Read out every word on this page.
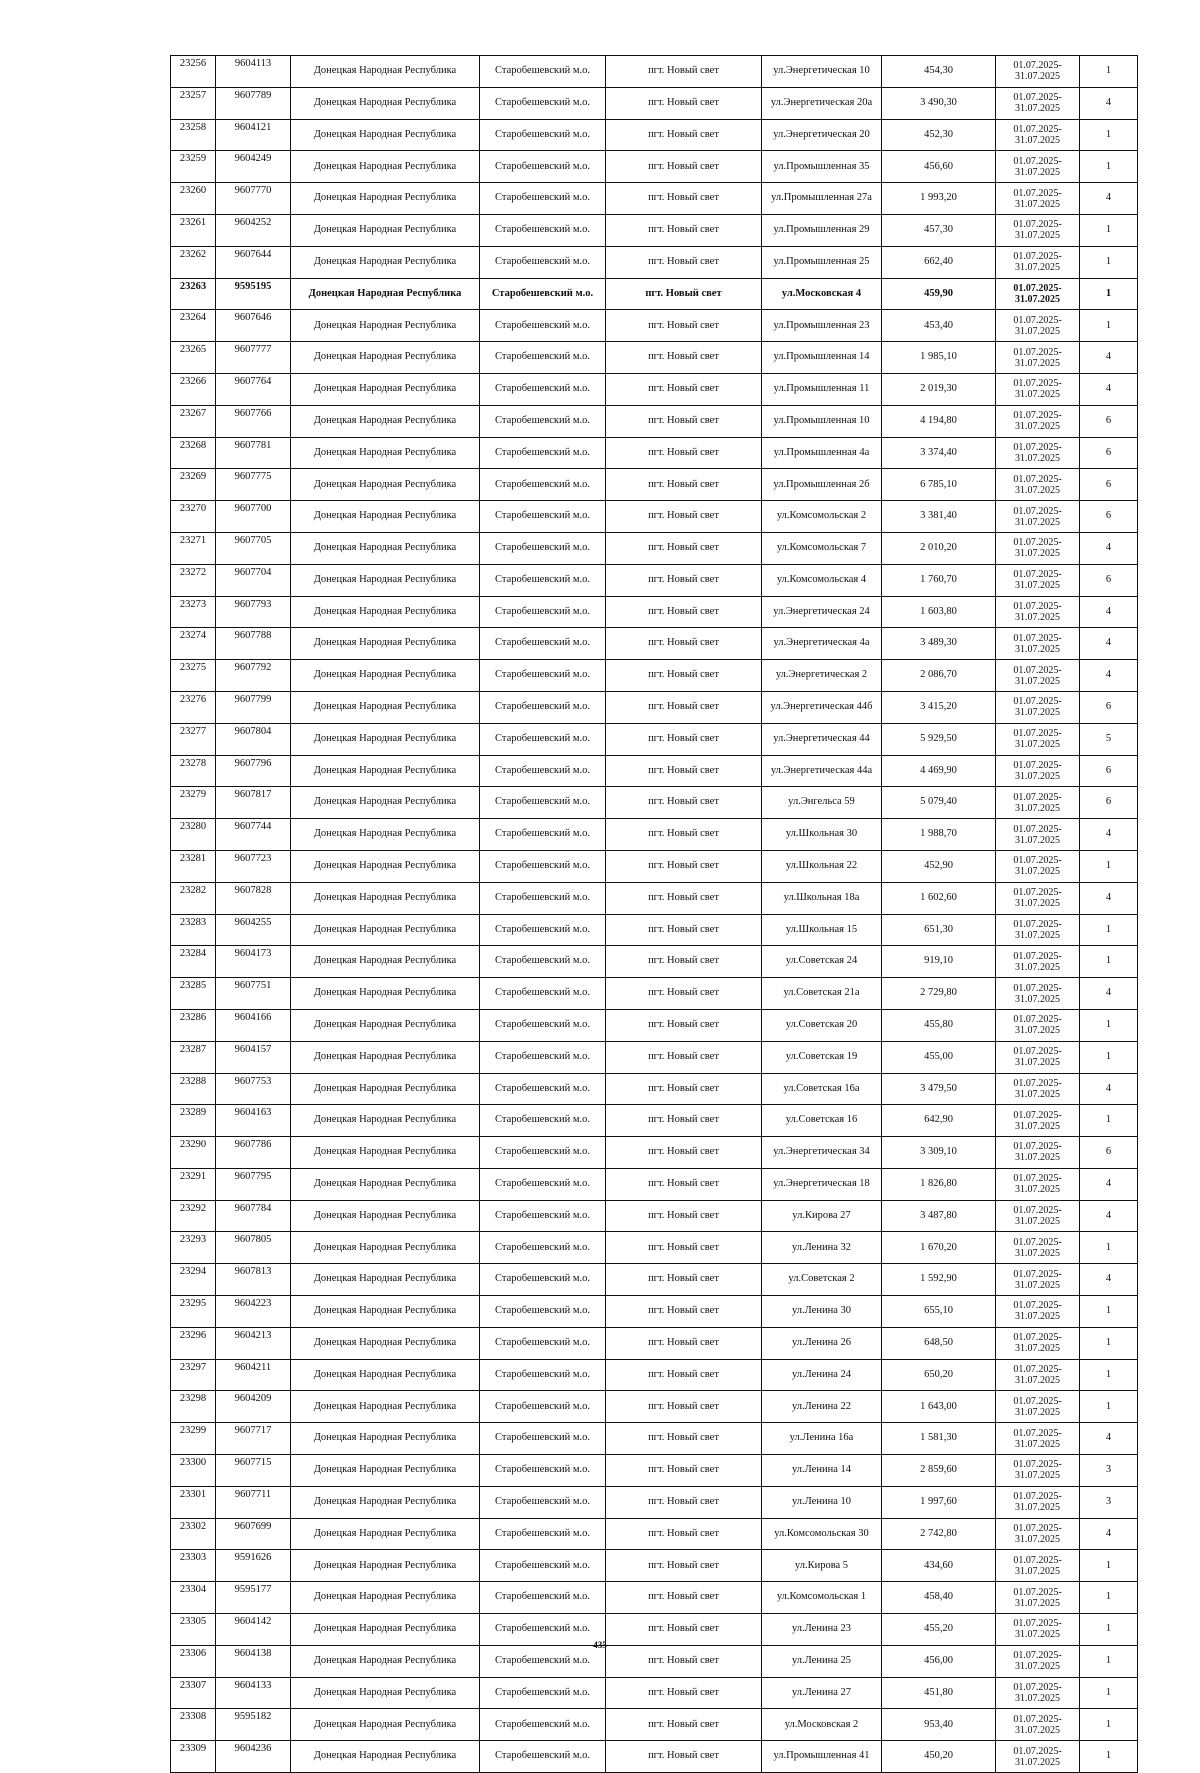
23256	9604113	Донецкая Народная Республика	Старобешевский м.о.	пгт. Новый свет	ул.Энергетическая 10	454,30	01.07.2025-31.07.2025	1
23257	9607789	Донецкая Народная Республика	Старобешевский м.о.	пгт. Новый свет	ул.Энергетическая 20а	3 490,30	01.07.2025-31.07.2025	4
23258	9604121	Донецкая Народная Республика	Старобешевский м.о.	пгт. Новый свет	ул.Энергетическая 20	452,30	01.07.2025-31.07.2025	1
23259	9604249	Донецкая Народная Республика	Старобешевский м.о.	пгт. Новый свет	ул.Промышленная 35	456,60	01.07.2025-31.07.2025	1
23260	9607770	Донецкая Народная Республика	Старобешевский м.о.	пгт. Новый свет	ул.Промышленная 27а	1 993,20	01.07.2025-31.07.2025	4
23261	9604252	Донецкая Народная Республика	Старобешевский м.о.	пгт. Новый свет	ул.Промышленная 29	457,30	01.07.2025-31.07.2025	1
23262	9607644	Донецкая Народная Республика	Старобешевский м.о.	пгт. Новый свет	ул.Промышленная 25	662,40	01.07.2025-31.07.2025	1
23263	9595195	Донецкая Народная Республика	Старобешевский м.о.	пгт. Новый свет	ул.Московская 4	459,90	01.07.2025-31.07.2025	1
23264	9607646	Донецкая Народная Республика	Старобешевский м.о.	пгт. Новый свет	ул.Промышленная 23	453,40	01.07.2025-31.07.2025	1
23265	9607777	Донецкая Народная Республика	Старобешевский м.о.	пгт. Новый свет	ул.Промышленная 14	1 985,10	01.07.2025-31.07.2025	4
23266	9607764	Донецкая Народная Республика	Старобешевский м.о.	пгт. Новый свет	ул.Промышленная 11	2 019,30	01.07.2025-31.07.2025	4
23267	9607766	Донецкая Народная Республика	Старобешевский м.о.	пгт. Новый свет	ул.Промышленная 10	4 194,80	01.07.2025-31.07.2025	6
23268	9607781	Донецкая Народная Республика	Старобешевский м.о.	пгт. Новый свет	ул.Промышленная 4а	3 374,40	01.07.2025-31.07.2025	6
23269	9607775	Донецкая Народная Республика	Старобешевский м.о.	пгт. Новый свет	ул.Промышленная 2б	6 785,10	01.07.2025-31.07.2025	6
23270	9607700	Донецкая Народная Республика	Старобешевский м.о.	пгт. Новый свет	ул.Комсомольская 2	3 381,40	01.07.2025-31.07.2025	6
23271	9607705	Донецкая Народная Республика	Старобешевский м.о.	пгт. Новый свет	ул.Комсомольская 7	2 010,20	01.07.2025-31.07.2025	4
23272	9607704	Донецкая Народная Республика	Старобешевский м.о.	пгт. Новый свет	ул.Комсомольская 4	1 760,70	01.07.2025-31.07.2025	6
23273	9607793	Донецкая Народная Республика	Старобешевский м.о.	пгт. Новый свет	ул.Энергетическая 24	1 603,80	01.07.2025-31.07.2025	4
23274	9607788	Донецкая Народная Республика	Старобешевский м.о.	пгт. Новый свет	ул.Энергетическая 4а	3 489,30	01.07.2025-31.07.2025	4
23275	9607792	Донецкая Народная Республика	Старобешевский м.о.	пгт. Новый свет	ул.Энергетическая 2	2 086,70	01.07.2025-31.07.2025	4
23276	9607799	Донецкая Народная Республика	Старобешевский м.о.	пгт. Новый свет	ул.Энергетическая 44б	3 415,20	01.07.2025-31.07.2025	6
23277	9607804	Донецкая Народная Республика	Старобешевский м.о.	пгт. Новый свет	ул.Энергетическая 44	5 929,50	01.07.2025-31.07.2025	5
23278	9607796	Донецкая Народная Республика	Старобешевский м.о.	пгт. Новый свет	ул.Энергетическая 44а	4 469,90	01.07.2025-31.07.2025	6
23279	9607817	Донецкая Народная Республика	Старобешевский м.о.	пгт. Новый свет	ул.Энгельса 59	5 079,40	01.07.2025-31.07.2025	6
23280	9607744	Донецкая Народная Республика	Старобешевский м.о.	пгт. Новый свет	ул.Школьная 30	1 988,70	01.07.2025-31.07.2025	4
23281	9607723	Донецкая Народная Республика	Старобешевский м.о.	пгт. Новый свет	ул.Школьная 22	452,90	01.07.2025-31.07.2025	1
23282	9607828	Донецкая Народная Республика	Старобешевский м.о.	пгт. Новый свет	ул.Школьная 18а	1 602,60	01.07.2025-31.07.2025	4
23283	9604255	Донецкая Народная Республика	Старобешевский м.о.	пгт. Новый свет	ул.Школьная 15	651,30	01.07.2025-31.07.2025	1
23284	9604173	Донецкая Народная Республика	Старобешевский м.о.	пгт. Новый свет	ул.Советская 24	919,10	01.07.2025-31.07.2025	1
23285	9607751	Донецкая Народная Республика	Старобешевский м.о.	пгт. Новый свет	ул.Советская 21а	2 729,80	01.07.2025-31.07.2025	4
23286	9604166	Донецкая Народная Республика	Старобешевский м.о.	пгт. Новый свет	ул.Советская 20	455,80	01.07.2025-31.07.2025	1
23287	9604157	Донецкая Народная Республика	Старобешевский м.о.	пгт. Новый свет	ул.Советская 19	455,00	01.07.2025-31.07.2025	1
23288	9607753	Донецкая Народная Республика	Старобешевский м.о.	пгт. Новый свет	ул.Советская 16а	3 479,50	01.07.2025-31.07.2025	4
23289	9604163	Донецкая Народная Республика	Старобешевский м.о.	пгт. Новый свет	ул.Советская 16	642,90	01.07.2025-31.07.2025	1
23290	9607786	Донецкая Народная Республика	Старобешевский м.о.	пгт. Новый свет	ул.Энергетическая 34	3 309,10	01.07.2025-31.07.2025	6
23291	9607795	Донецкая Народная Республика	Старобешевский м.о.	пгт. Новый свет	ул.Энергетическая 18	1 826,80	01.07.2025-31.07.2025	4
23292	9607784	Донецкая Народная Республика	Старобешевский м.о.	пгт. Новый свет	ул.Кирова 27	3 487,80	01.07.2025-31.07.2025	4
23293	9607805	Донецкая Народная Республика	Старобешевский м.о.	пгт. Новый свет	ул.Ленина 32	1 670,20	01.07.2025-31.07.2025	1
23294	9607813	Донецкая Народная Республика	Старобешевский м.о.	пгт. Новый свет	ул.Советская 2	1 592,90	01.07.2025-31.07.2025	4
23295	9604223	Донецкая Народная Республика	Старобешевский м.о.	пгт. Новый свет	ул.Ленина 30	655,10	01.07.2025-31.07.2025	1
23296	9604213	Донецкая Народная Республика	Старобешевский м.о.	пгт. Новый свет	ул.Ленина 26	648,50	01.07.2025-31.07.2025	1
23297	9604211	Донецкая Народная Республика	Старобешевский м.о.	пгт. Новый свет	ул.Ленина 24	650,20	01.07.2025-31.07.2025	1
23298	9604209	Донецкая Народная Республика	Старобешевский м.о.	пгт. Новый свет	ул.Ленина 22	1 643,00	01.07.2025-31.07.2025	1
23299	9607717	Донецкая Народная Республика	Старобешевский м.о.	пгт. Новый свет	ул.Ленина 16а	1 581,30	01.07.2025-31.07.2025	4
23300	9607715	Донецкая Народная Республика	Старобешевский м.о.	пгт. Новый свет	ул.Ленина 14	2 859,60	01.07.2025-31.07.2025	3
23301	9607711	Донецкая Народная Республика	Старобешевский м.о.	пгт. Новый свет	ул.Ленина 10	1 997,60	01.07.2025-31.07.2025	3
23302	9607699	Донецкая Народная Республика	Старобешевский м.о.	пгт. Новый свет	ул.Комсомольская 30	2 742,80	01.07.2025-31.07.2025	4
23303	9591626	Донецкая Народная Республика	Старобешевский м.о.	пгт. Новый свет	ул.Кирова 5	434,60	01.07.2025-31.07.2025	1
23304	9595177	Донецкая Народная Республика	Старобешевский м.о.	пгт. Новый свет	ул.Комсомольская 1	458,40	01.07.2025-31.07.2025	1
23305	9604142	Донецкая Народная Республика	Старобешевский м.о.	пгт. Новый свет	ул.Ленина 23	455,20	01.07.2025-31.07.2025	1
23306	9604138	Донецкая Народная Республика	Старобешевский м.о.	пгт. Новый свет	ул.Ленина 25	456,00	01.07.2025-31.07.2025	1
23307	9604133	Донецкая Народная Республика	Старобешевский м.о.	пгт. Новый свет	ул.Ленина 27	451,80	01.07.2025-31.07.2025	1
23308	9595182	Донецкая Народная Республика	Старобешевский м.о.	пгт. Новый свет	ул.Московская 2	953,40	01.07.2025-31.07.2025	1
23309	9604236	Донецкая Народная Республика	Старобешевский м.о.	пгт. Новый свет	ул.Промышленная 41	450,20	01.07.2025-31.07.2025	1
435
